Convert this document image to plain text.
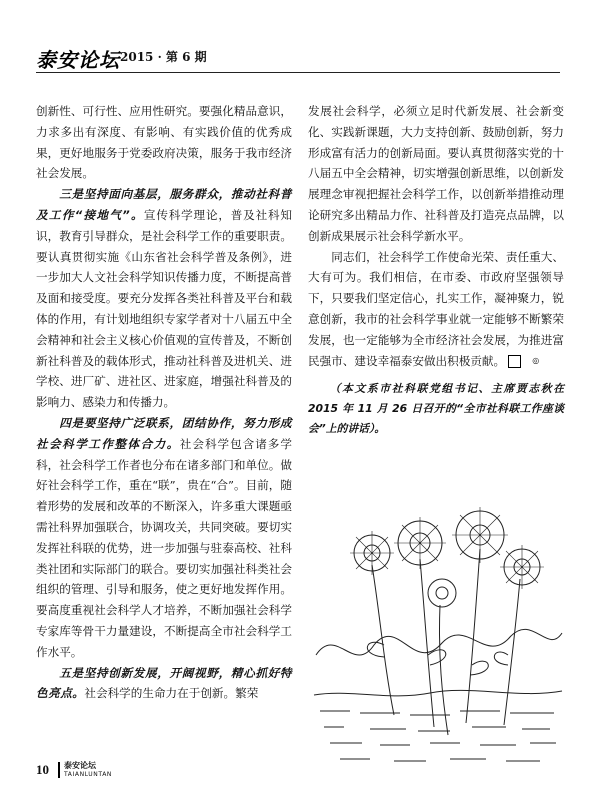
泰安论坛 2015 · 第 6 期

创新性、可行性、应用性研究。要强化精品意识，力求多出有深度、有影响、有实践价值的优秀成果，更好地服务于党委政府决策，服务于我市经济社会发展。

三是坚持面向基层，服务群众，推动社科普及工作“接地气”。宣传科学理论，普及社科知识，教育引导群众，是社会科学工作的重要职责。要认真贯彻实施《山东省社会科学普及条例》，进一步加大人文社会科学知识传播力度，不断提高普及面和接受度。要充分发挥各类社科普及平台和载体的作用，有计划地组织专家学者对十八届五中全会精神和社会主义核心价值观的宣传普及，不断创新社科普及的载体形式，推动社科普及进机关、进学校、进厂矿、进社区、进家庭，增强社科普及的影响力、感染力和传播力。

四是要坚持广泛联系，团结协作，努力形成社会科学工作整体合力。社会科学包含诸多学科，社会科学工作者也分布在诸多部门和单位。做好社会科学工作，重在“联”，贵在“合”。目前，随着形势的发展和改革的不断深入，许多重大课题亟需社科界加强联合，协调攻关，共同突破。要切实发挥社科联的优势，进一步加强与驻泰高校、社科类社团和实际部门的联合。要切实加强社科类社会组织的管理、引导和服务，使之更好地发挥作用。要高度重视社会科学人才培养，不断加强社会科学专家库等骨干力量建设，不断提高全市社会科学工作水平。

五是坚持创新发展，开阔视野，精心抓好特色亮点。社会科学的生命力在于创新。繁荣

发展社会科学，必须立足时代新发展、社会新变化、实践新课题，大力支持创新、鼓励创新，努力形成富有活力的创新局面。要认真贯彻落实党的十八届五中全会精神，切实增强创新思维，以创新发展理念审视把握社会科学工作，以创新举措推动理论研究多出精品力作、社科普及打造亮点品牌，以创新成果展示社会科学新水平。

同志们，社会科学工作使命光荣、责任重大、大有可为。我们相信，在市委、市政府坚强领导下，只要我们坚定信心，扎实工作，凝神聚力，锐意创新，我市的社会科学事业就一定能够不断繁荣发展，也一定能够为全市经济社会发展，为推进富民强市、建设幸福泰安做出积极贡献。	◎

（本文系市社科联党组书记、主席贾志秋在 2015 年 11 月 26 日召开的“全市社科联工作座谈会”上的讲话）。

10 泰安论坛
TAIANLUNTAN
